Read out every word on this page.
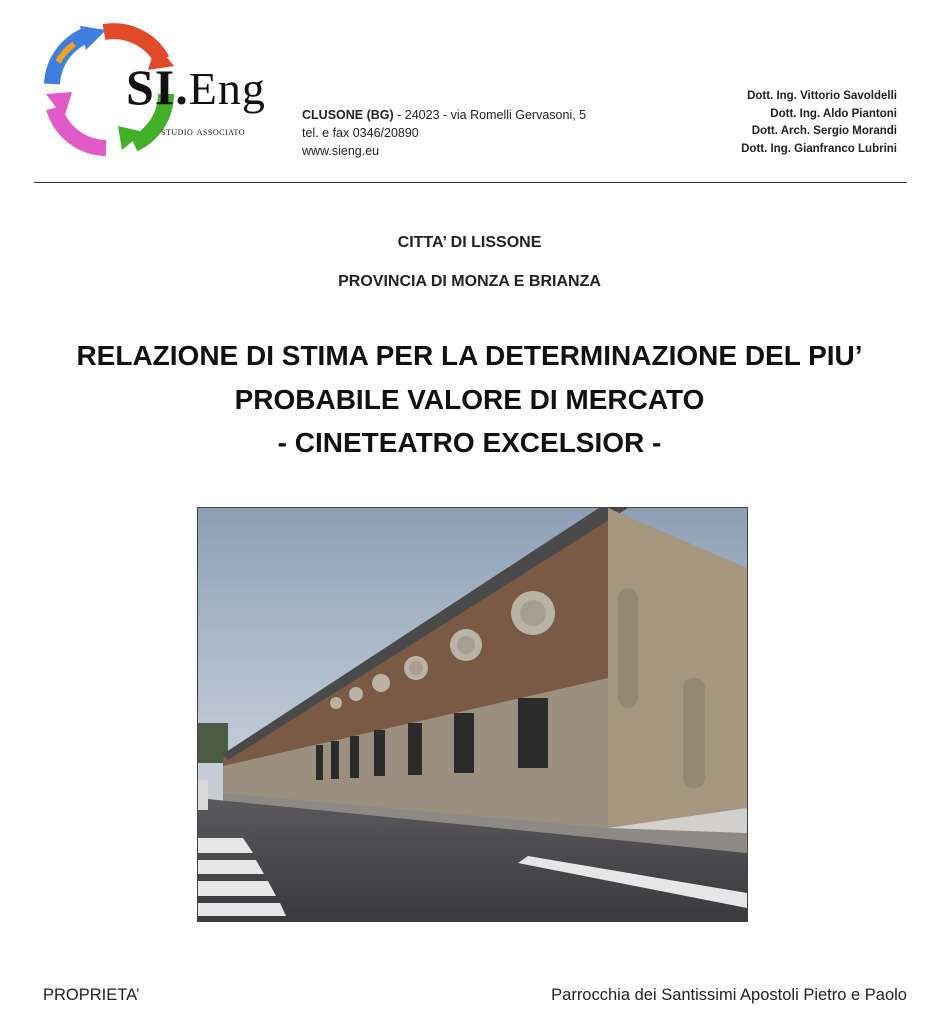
SI.Eng
studio associato
CLUSONE (BG) - 24023 - via Romelli Gervasoni, 5
tel. e fax 0346/20890
www.sieng.eu
Dott. Ing. Vittorio Savoldelli
Dott. Ing. Aldo Piantoni
Dott. Arch. Sergio Morandi
Dott. Ing. Gianfranco Lubrini
CITTA’ DI LISSONE
PROVINCIA DI MONZA E BRIANZA
RELAZIONE DI STIMA PER LA DETERMINAZIONE DEL PIU’
PROBABILE VALORE DI MERCATO
- CINETEATRO EXCELSIOR -
PROPRIETA’	Parrocchia dei Santissimi Apostoli Pietro e Paolo
